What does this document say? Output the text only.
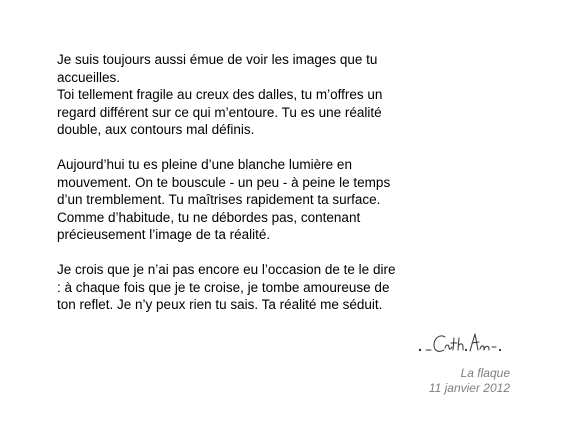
Je suis toujours aussi émue de voir les images que tu
accueilles.
Toi tellement fragile au creux des dalles, tu m’offres un
regard différent sur ce qui m’entoure. Tu es une réalité
double, aux contours mal définis.

Aujourd’hui tu es pleine d’une blanche lumière en
mouvement. On te bouscule - un peu - à peine le temps
d’un tremblement. Tu maîtrises rapidement ta surface.
Comme d’habitude, tu ne débordes pas, contenant
précieusement l’image de ta réalité.

Je crois que je n’ai pas encore eu l’occasion de te le dire
: à chaque fois que je te croise, je tombe amoureuse de
ton reflet. Je n’y peux rien tu sais. Ta réalité me séduit.

La flaque
11 janvier 2012
